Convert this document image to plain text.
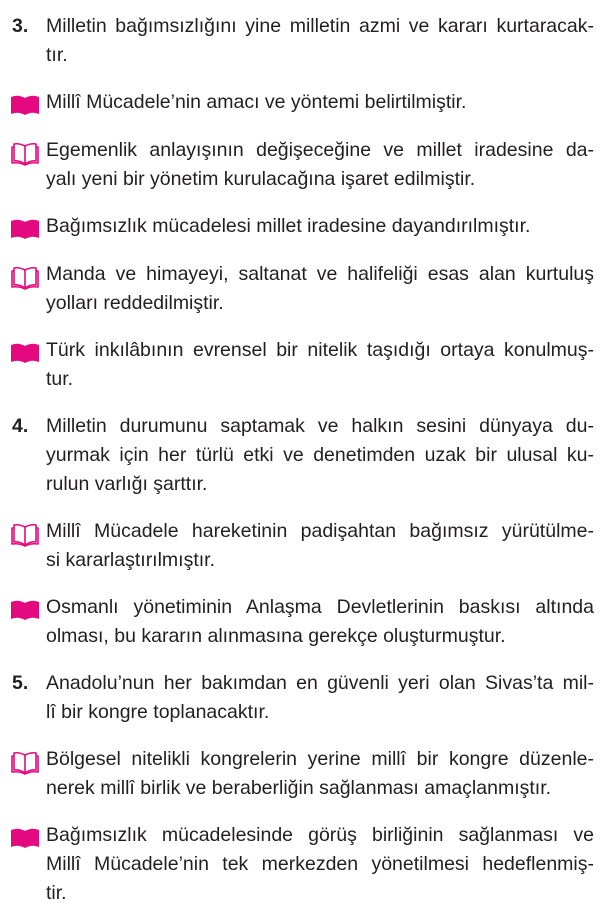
3. Milletin bağımsızlığını yine milletin azmi ve kararı kurtaracak-
tır.
Millî Mücadele’nin amacı ve yöntemi belirtilmiştir.
Egemenlik anlayışının değişeceğine ve millet iradesine da-
yalı yeni bir yönetim kurulacağına işaret edilmiştir.
Bağımsızlık mücadelesi millet iradesine dayandırılmıştır.
Manda ve himayeyi, saltanat ve halifeliği esas alan kurtuluş
yolları reddedilmiştir.
Türk inkılâbının evrensel bir nitelik taşıdığı ortaya konulmuş-
tur.
4. Milletin durumunu saptamak ve halkın sesini dünyaya du-
yurmak için her türlü etki ve denetimden uzak bir ulusal ku-
rulun varlığı şarttır.
Millî Mücadele hareketinin padişahtan bağımsız yürütülme-
si kararlaştırılmıştır.
Osmanlı yönetiminin Anlaşma Devletlerinin baskısı altında
olması, bu kararın alınmasına gerekçe oluşturmuştur.
5. Anadolu’nun her bakımdan en güvenli yeri olan Sivas’ta mil-
lî bir kongre toplanacaktır.
Bölgesel nitelikli kongrelerin yerine millî bir kongre düzenle-
nerek millî birlik ve beraberliğin sağlanması amaçlanmıştır.
Bağımsızlık mücadelesinde görüş birliğinin sağlanması ve
Millî Mücadele’nin tek merkezden yönetilmesi hedeflenmiş-
tir.
